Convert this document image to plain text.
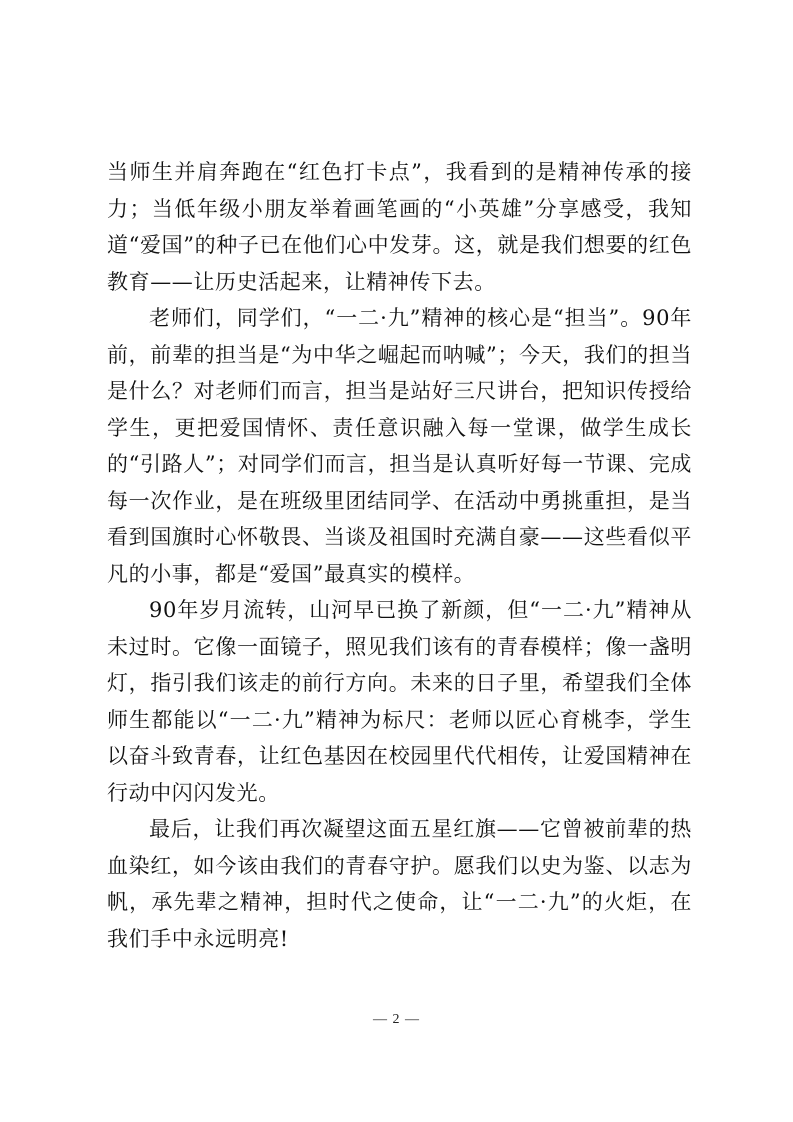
当师生并肩奔跑在“红色打卡点”，我看到的是精神传承的接力；当低年级小朋友举着画笔画的“小英雄”分享感受，我知道“爱国”的种子已在他们心中发芽。这，就是我们想要的红色教育——让历史活起来，让精神传下去。

老师们，同学们，“一二·九”精神的核心是“担当”。90年前，前辈的担当是“为中华之崛起而呐喊”；今天，我们的担当是什么？对老师们而言，担当是站好三尺讲台，把知识传授给学生，更把爱国情怀、责任意识融入每一堂课，做学生成长的“引路人”；对同学们而言，担当是认真听好每一节课、完成每一次作业，是在班级里团结同学、在活动中勇挑重担，是当看到国旗时心怀敬畏、当谈及祖国时充满自豪——这些看似平凡的小事，都是“爱国”最真实的模样。

90年岁月流转，山河早已换了新颜，但“一二·九”精神从未过时。它像一面镜子，照见我们该有的青春模样；像一盏明灯，指引我们该走的前行方向。未来的日子里，希望我们全体师生都能以“一二·九”精神为标尺：老师以匠心育桃李，学生以奋斗致青春，让红色基因在校园里代代相传，让爱国精神在行动中闪闪发光。

最后，让我们再次凝望这面五星红旗——它曾被前辈的热血染红，如今该由我们的青春守护。愿我们以史为鉴、以志为帆，承先辈之精神，担时代之使命，让“一二·九”的火炬，在我们手中永远明亮!

— 2 —
